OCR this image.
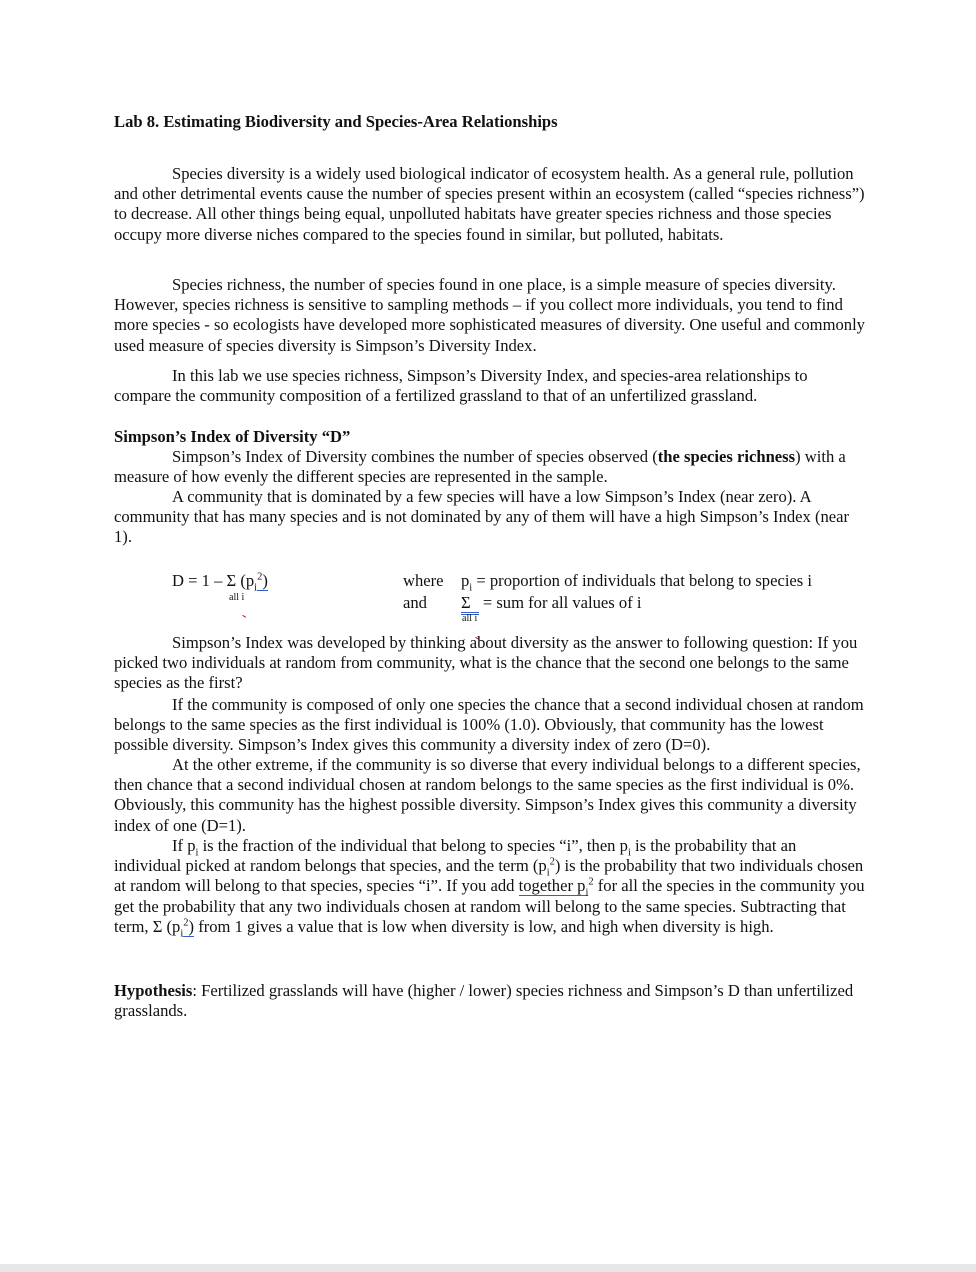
Lab 8. Estimating Biodiversity and Species-Area Relationships
Species diversity is a widely used biological indicator of ecosystem health. As a general rule, pollution and other detrimental events cause the number of species present within an ecosystem (called “species richness”) to decrease. All other things being equal, unpolluted habitats have greater species richness and those species occupy more diverse niches compared to the species found in similar, but polluted, habitats.
Species richness, the number of species found in one place, is a simple measure of species diversity. However, species richness is sensitive to sampling methods – if you collect more individuals, you tend to find more species - so ecologists have developed more sophisticated measures of diversity. One useful and commonly used measure of species diversity is Simpson’s Diversity Index.
In this lab we use species richness, Simpson’s Diversity Index, and species-area relationships to compare the community composition of a fertilized grassland to that of an unfertilized grassland.
Simpson’s Index of Diversity “D”
Simpson’s Index of Diversity combines the number of species observed (the species richness) with a measure of how evenly the different species are represented in the sample.
A community that is dominated by a few species will have a low Simpson’s Index (near zero). A community that has many species and is not dominated by any of them will have a high Simpson’s Index (near 1).
D = 1 – Σ $(p_i^2)$
all i
where
and
$p_i$ = proportion of individuals that belong to species i
Σ = sum for all values of i
all i
Simpson’s Index was developed by thinking about diversity as the answer to following question: If you picked two individuals at random from community, what is the chance that the second one belongs to the same species as the first?
If the community is composed of only one species the chance that a second individual chosen at random belongs to the same species as the first individual is 100% (1.0). Obviously, that community has the lowest possible diversity. Simpson’s Index gives this community a diversity index of zero (D=0).
At the other extreme, if the community is so diverse that every individual belongs to a different species, then chance that a second individual chosen at random belongs to the same species as the first individual is 0%. Obviously, this community has the highest possible diversity. Simpson’s Index gives this community a diversity index of one (D=1).
If $p_i$ is the fraction of the individual that belong to species “i”, then $p_i$ is the probability that an individual picked at random belongs that species, and the term $(p_i^2)$ is the probability that two individuals chosen at random will belong to that species, species “i”. If you add together $p_i^2$ for all the species in the community you get the probability that any two individuals chosen at random will belong to the same species. Subtracting that term, Σ $(p_i^2)$ from 1 gives a value that is low when diversity is low, and high when diversity is high.
Hypothesis: Fertilized grasslands will have (higher / lower) species richness and Simpson’s D than unfertilized grasslands.
